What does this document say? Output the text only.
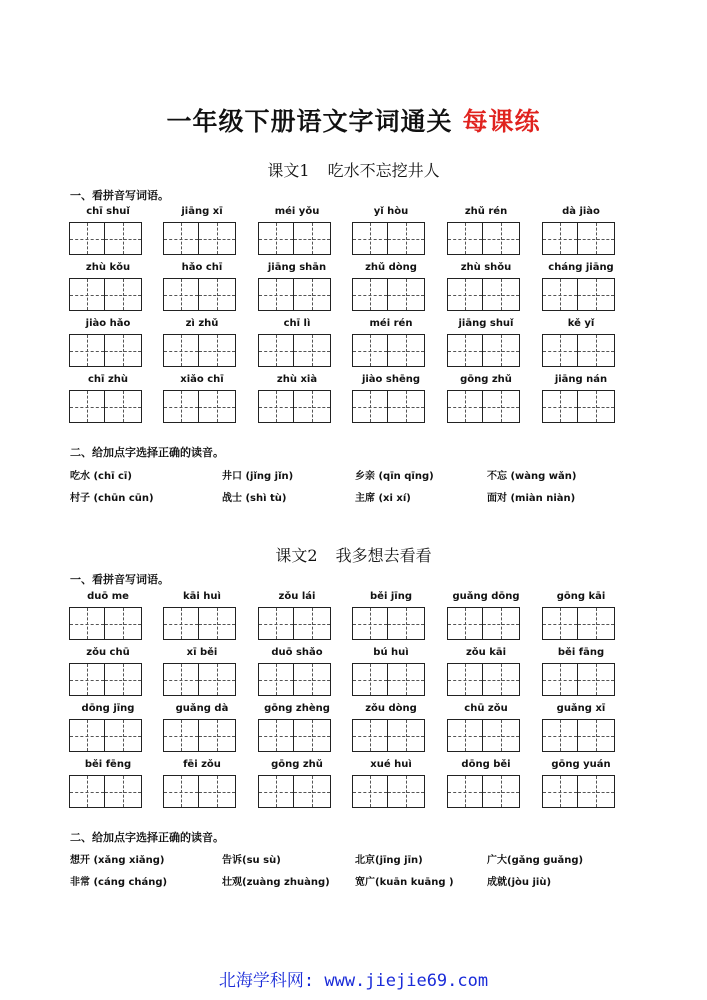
一年级下册语文字词通关 每课练
课文1 吃水不忘挖井人
一、看拼音写词语。
chī shuǐ	jiāng xī	méi yǒu	yǐ hòu	zhǔ rén	dà jiào
zhù kǒu	hǎo chī	jiāng shān	zhǔ dòng	zhù shǒu	cháng jiāng
jiào hǎo	zì zhǔ	chī lì	méi rén	jiāng shuǐ	kě yǐ
chī zhù	xiǎo chī	zhù xià	jiào shēng	gōng zhǔ	jiāng nán
二、给加点字选择正确的读音。
吃水 (chī cī)	井口 (jǐng jǐn)	乡亲 (qīn qīng)	不忘 (wàng wǎn)
村子 (chūn cūn)	战士 (shì tù)	主席 (xi xí)	面对 (miàn niàn)
课文2 我多想去看看
一、看拼音写词语。
duō me	kāi huì	zǒu lái	běi jīng	guǎng dōng	gōng kāi
zǒu chū	xī běi	duō shǎo	bú huì	zǒu kāi	běi fāng
dōng jīng	guǎng dà	gōng zhèng	zǒu dòng	chū zǒu	guǎng xī
běi fēng	fēi zǒu	gōng zhǔ	xué huì	dōng běi	gōng yuán
二、给加点字选择正确的读音。
想开 (xǎng xiǎng)	告诉(su sù)	北京(jīng jīn)	广大(gǎng guǎng)
非常 (cáng cháng)	壮观(zuàng zhuàng)	宽广(kuān kuāng )	成就(jòu jiù)
北海学科网: www.jiejie69.com
